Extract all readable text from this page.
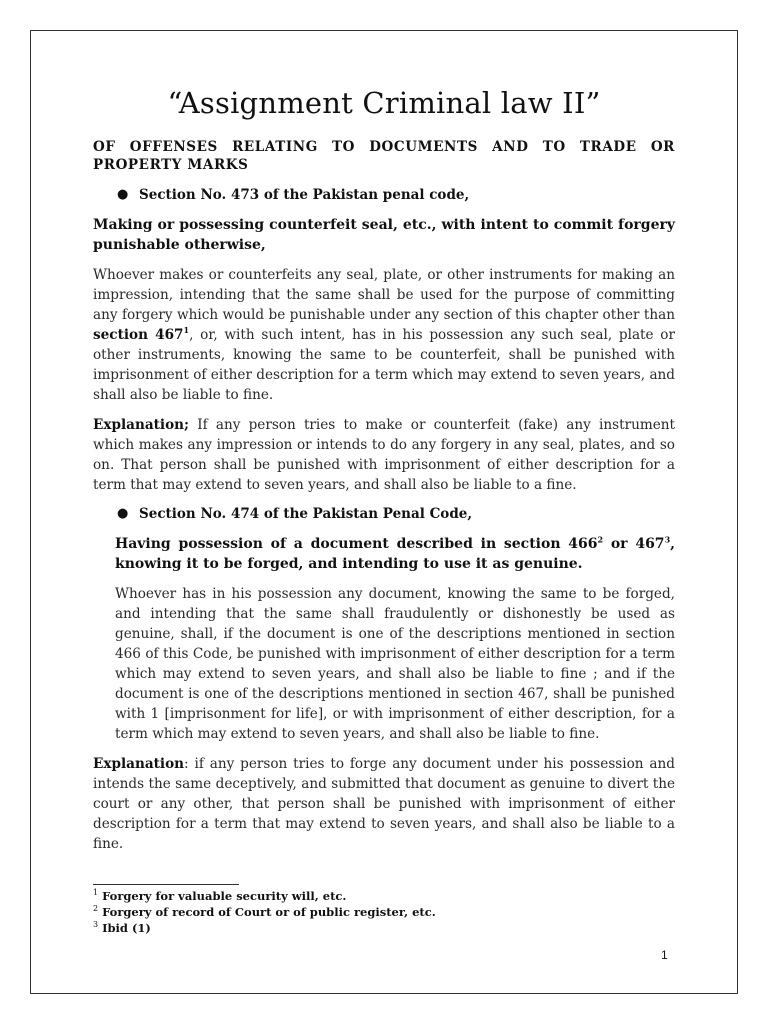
“Assignment Criminal law II”

OF OFFENSES RELATING TO DOCUMENTS AND TO TRADE OR PROPERTY MARKS

● Section No. 473 of the Pakistan penal code,

Making or possessing counterfeit seal, etc., with intent to commit forgery punishable otherwise,

Whoever makes or counterfeits any seal, plate, or other instruments for making an impression, intending that the same shall be used for the purpose of committing any forgery which would be punishable under any section of this chapter other than section $467^1$, or, with such intent, has in his possession any such seal, plate or other instruments, knowing the same to be counterfeit, shall be punished with imprisonment of either description for a term which may extend to seven years, and shall also be liable to fine.

Explanation; If any person tries to make or counterfeit (fake) any instrument which makes any impression or intends to do any forgery in any seal, plates, and so on. That person shall be punished with imprisonment of either description for a term that may extend to seven years, and shall also be liable to a fine.

● Section No. 474 of the Pakistan Penal Code,

Having possession of a document described in section $466^2$ or $467^3$, knowing it to be forged, and intending to use it as genuine.

Whoever has in his possession any document, knowing the same to be forged, and intending that the same shall fraudulently or dishonestly be used as genuine, shall, if the document is one of the descriptions mentioned in section 466 of this Code, be punished with imprisonment of either description for a term which may extend to seven years, and shall also be liable to fine ; and if the document is one of the descriptions mentioned in section 467, shall be punished with 1 [imprisonment for life], or with imprisonment of either description, for a term which may extend to seven years, and shall also be liable to fine.

Explanation: if any person tries to forge any document under his possession and intends the same deceptively, and submitted that document as genuine to divert the court or any other, that person shall be punished with imprisonment of either description for a term that may extend to seven years, and shall also be liable to a fine.

$^1$ Forgery for valuable security will, etc.

$^2$ Forgery of record of Court or of public register, etc.

$^3$ Ibid (1)

1
